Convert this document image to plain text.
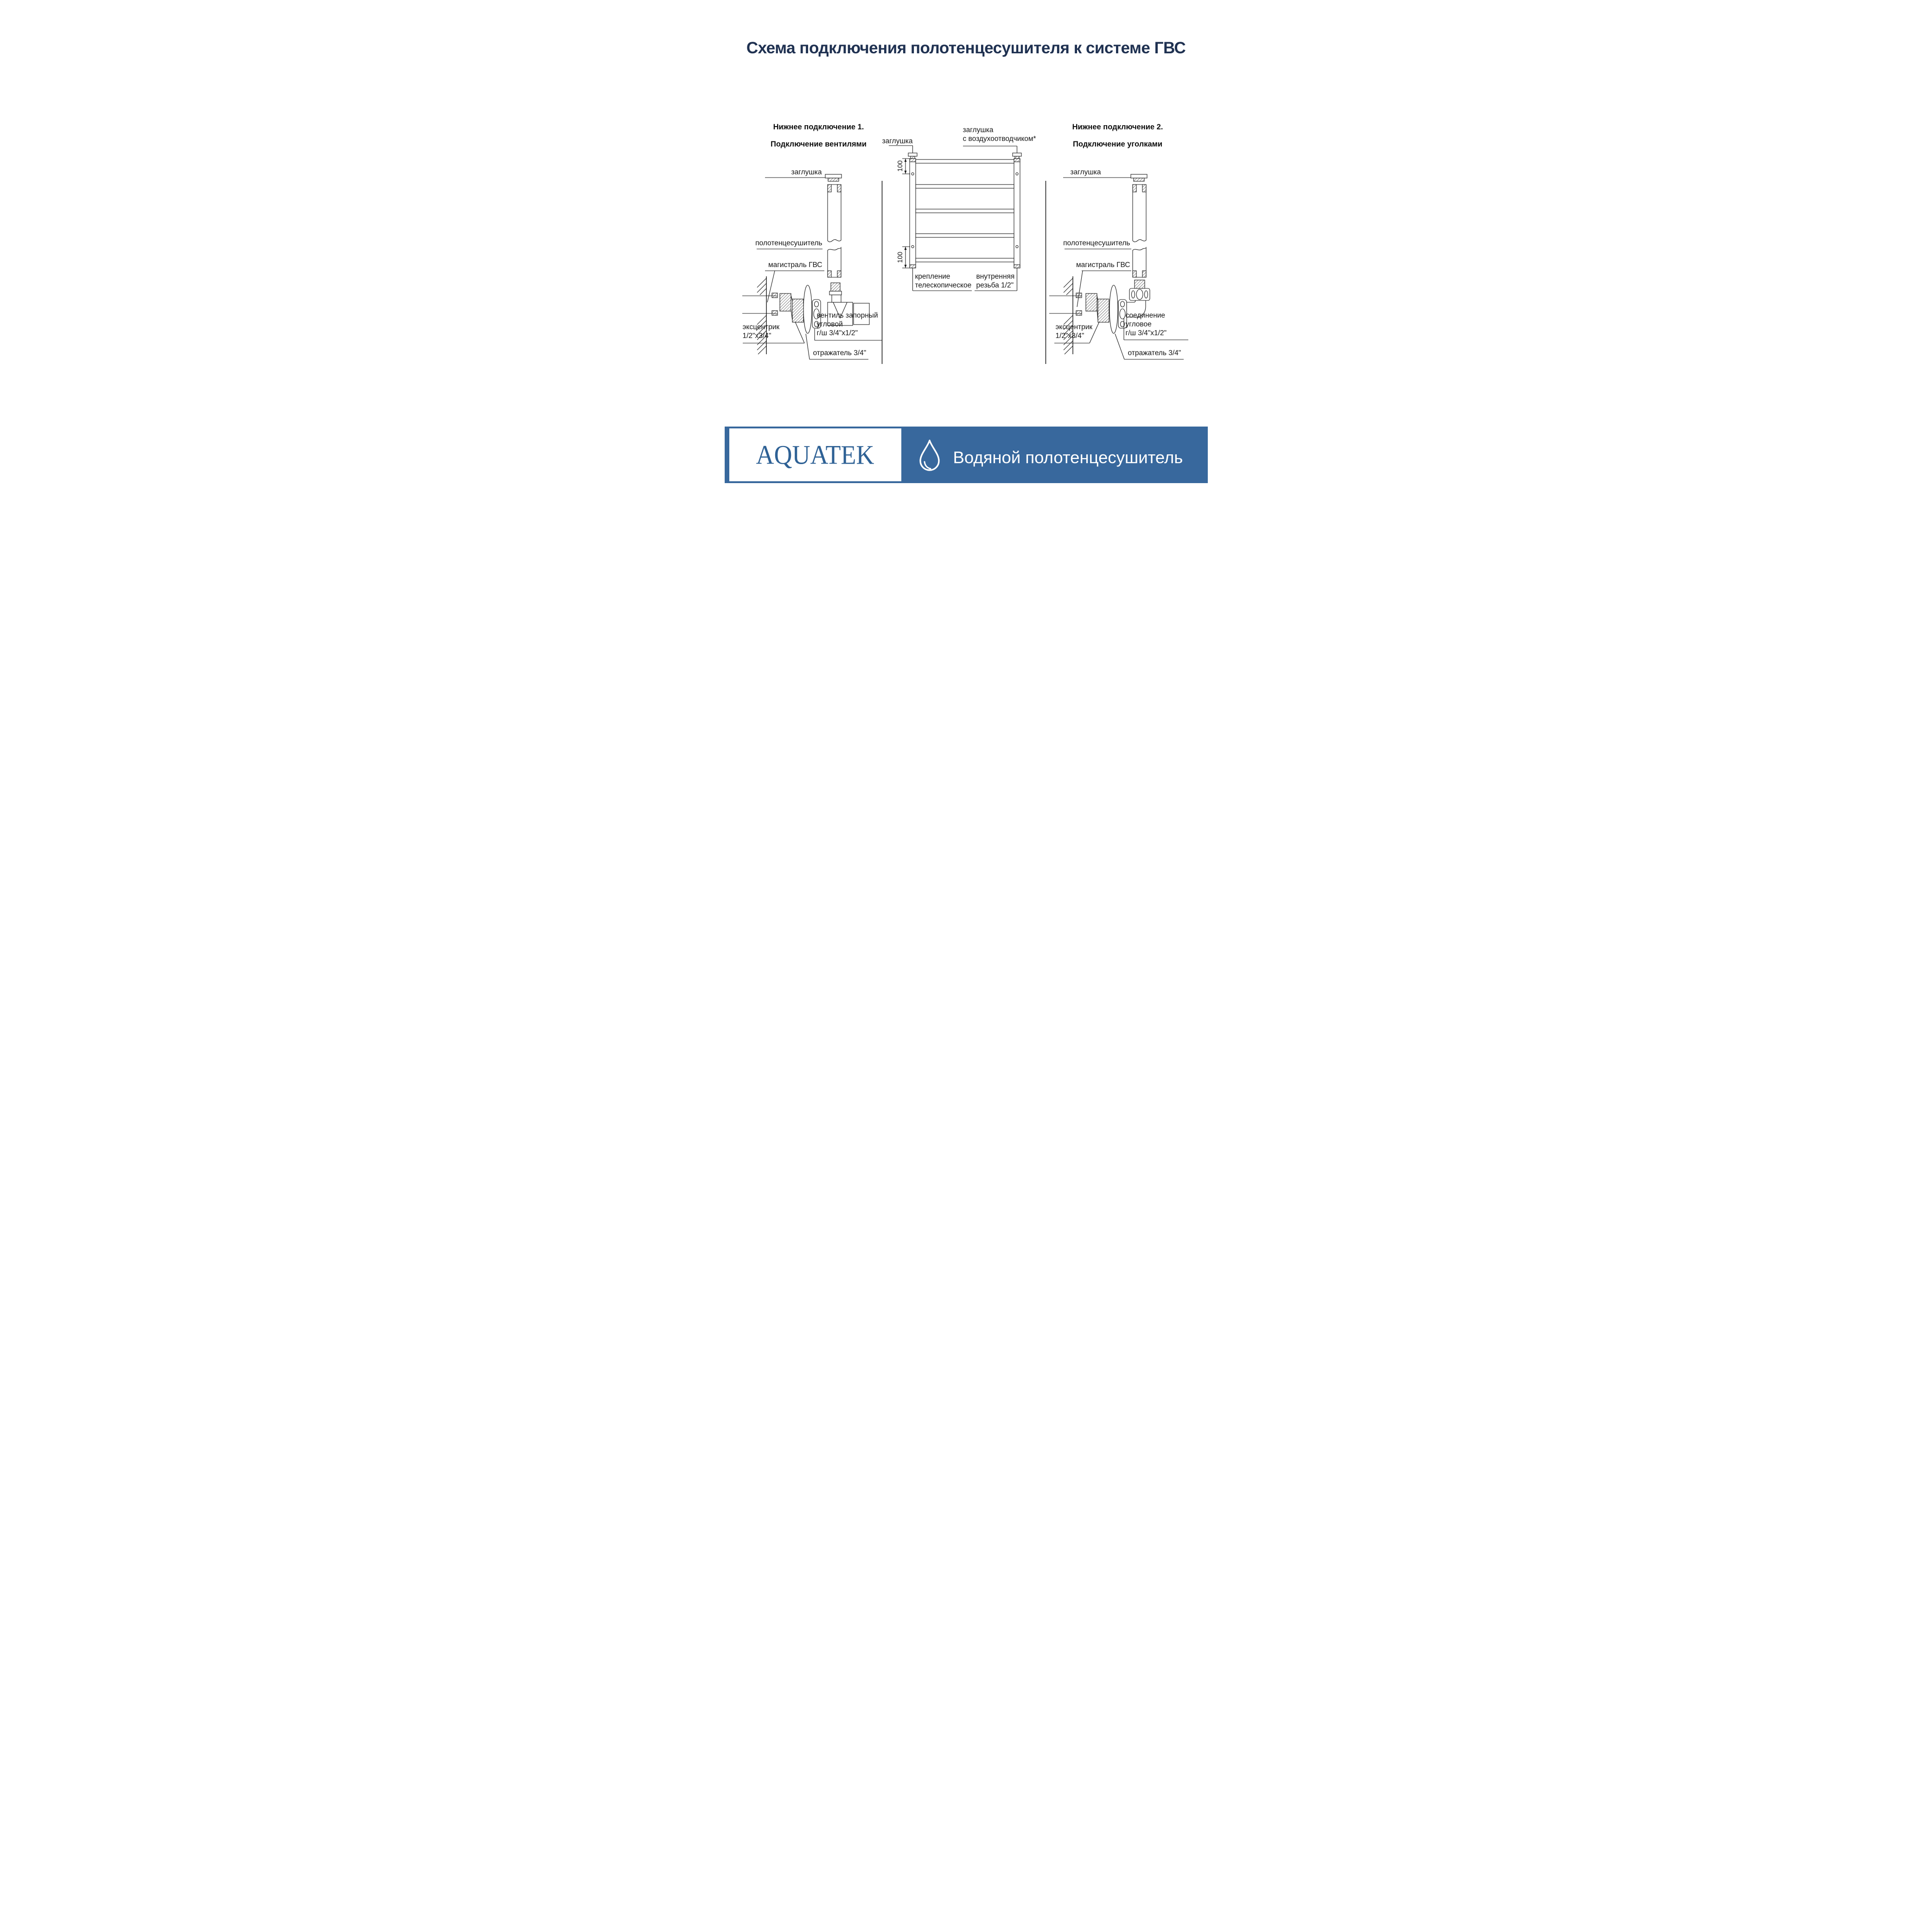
Схема подключения полотенцесушителя к системе ГВС
Нижнее подключение 1.
Подключение вентилями
Нижнее подключение 2.
Подключение уголками
заглушка
заглушка
с воздухоотводчиком*
100
100
крепление
телескопическое
внутренняя
резьба 1/2"
заглушка
полотенцесушитель
магистраль ГВС
эксцентрик
1/2"х3/4"
вентиль запорный
угловой
г/ш 3/4"х1/2"
отражатель 3/4"
заглушка
полотенцесушитель
магистраль ГВС
эксцентрик
1/2"х3/4"
соединение
угловое
г/ш 3/4"х1/2"
отражатель 3/4"
AQUATEK	Водяной полотенцесушитель
